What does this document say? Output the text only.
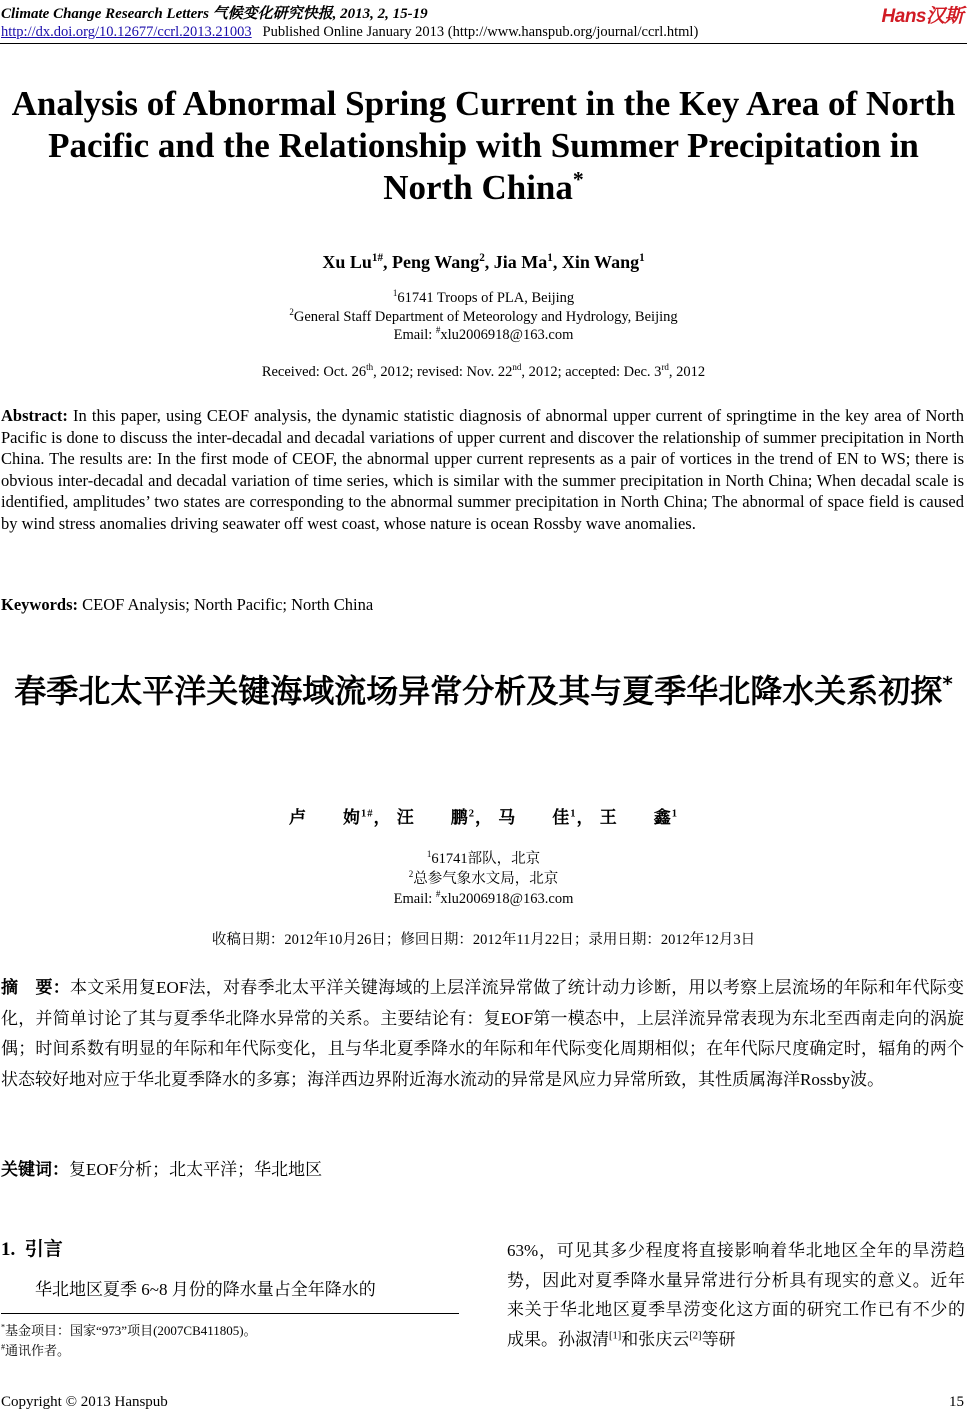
Climate Change Research Letters 气候变化研究快报, 2013, 2, 15-19	Hans汉斯
http://dx.doi.org/10.12677/ccrl.2013.21003 Published Online January 2013 (http://www.hanspub.org/journal/ccrl.html)
Analysis of Abnormal Spring Current in the Key Area of North Pacific and the Relationship with Summer Precipitation in North China*
Xu $Lu^{1\#}$, Peng Wang$^2$, Jia Ma$^1$, Xin Wang$^1$
$^1$61741 Troops of PLA, Beijing
$^2$General Staff Department of Meteorology and Hydrology, Beijing
Email: #xlu2006918@163.com
Received: Oct. 26th, 2012; revised: Nov. 22nd, 2012; accepted: Dec. 3rd, 2012
Abstract: In this paper, using CEOF analysis, the dynamic statistic diagnosis of abnormal upper current of springtime in the key area of North Pacific is done to discuss the inter-decadal and decadal variations of upper current and discover the relationship of summer precipitation in North China. The results are: In the first mode of CEOF, the abnormal upper current represents as a pair of vortices in the trend of EN to WS; there is obvious inter-decadal and decadal variation of time series, which is similar with the summer precipitation in North China; When decadal scale is identified, amplitudes’ two states are corresponding to the abnormal summer precipitation in North China; The abnormal of space field is caused by wind stress anomalies driving seawater off west coast, whose nature is ocean Rossby wave anomalies.
Keywords: CEOF Analysis; North Pacific; North China
春季北太平洋关键海域流场异常分析及其与夏季华北降水关系初探*
卢　　姁$^{1\#}$， 汪　　鹏$^2$， 马　　佳$^1$， 王　　鑫$^1$
$^1$61741部队，北京
$^2$总参气象水文局，北京
Email: #xlu2006918@163.com
收稿日期：2012年10月26日；修回日期：2012年11月22日；录用日期：2012年12月3日
摘　要：本文采用复EOF法，对春季北太平洋关键海域的上层洋流异常做了统计动力诊断，用以考察上层流场的年际和年代际变化，并简单讨论了其与夏季华北降水异常的关系。主要结论有：复EOF第一模态中，上层洋流异常表现为东北至西南走向的涡旋偶；时间系数有明显的年际和年代际变化，且与华北夏季降水的年际和年代际变化周期相似；在年代际尺度确定时，辐角的两个状态较好地对应于华北夏季降水的多寡；海洋西边界附近海水流动的异常是风应力异常所致，其性质属海洋Rossby波。
关键词：复EOF分析；北太平洋；华北地区
1. 引言
华北地区夏季 6~8 月份的降水量占全年降水的
*基金项目：国家“973”项目(2007CB411805)。
#通讯作者。
63%，可见其多少程度将直接影响着华北地区全年的旱涝趋势，因此对夏季降水量异常进行分析具有现实的意义。近年来关于华北地区夏季旱涝变化这方面的研究工作已有不少的成果。孙淑清[1]和张庆云[2]等研
Copyright © 2013 Hanspub	15
